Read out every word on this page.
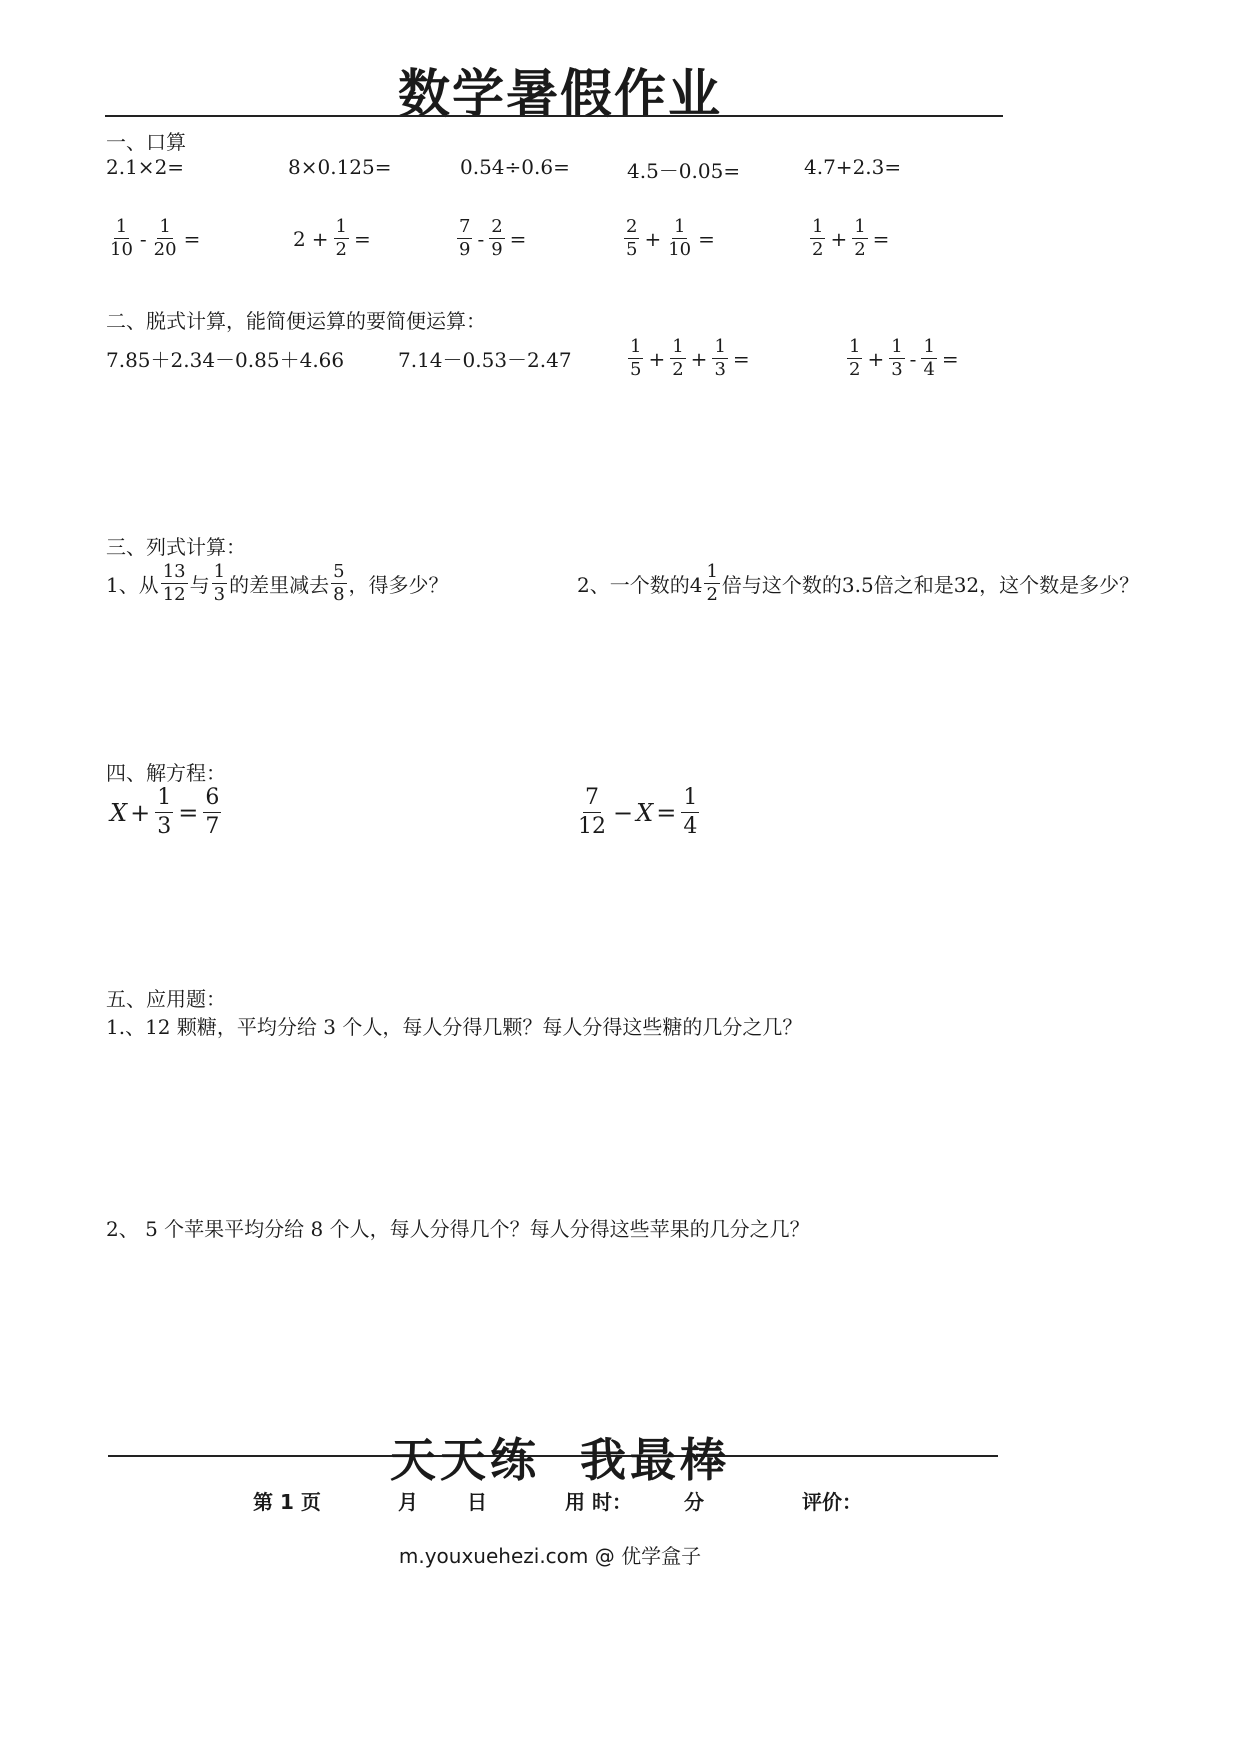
数学暑假作业
一、口算
2.1×2=	8×0.125=	0.54÷0.6=	4.5－0.05=	4.7+2.3=
$\frac{1}{10} - \frac{1}{20}$ =	$2 + \frac{1}{2}$ =	$\frac{7}{9} - \frac{2}{9}$ =	$\frac{2}{5} + \frac{1}{10}$ =	$\frac{1}{2} + \frac{1}{2}$ =
二、脱式计算，能简便运算的要简便运算：
7.85＋2.34－0.85＋4.66	7.14－0.53－2.47	$\frac{1}{5} + \frac{1}{2} + \frac{1}{3}$ =	$\frac{1}{2} + \frac{1}{3} - \frac{1}{4}$ =
三、列式计算：
1、从 $\frac{13}{12}$ 与 $\frac{1}{3}$ 的差里减去 $\frac{5}{8}$ ，得多少？	2、一个数的$4 \frac{1}{2}$ 倍与这个数的3.5倍之和是32，这个数是多少？
四、解方程：
$X + \frac{1}{3} = \frac{6}{7}$	$\frac{7}{12} - X = \frac{1}{4}$
五、应用题：
1.、12 颗糖，平均分给 3 个人，每人分得几颗？每人分得这些糖的几分之几？
2、 5 个苹果平均分给 8 个人，每人分得几个？每人分得这些苹果的几分之几？
天天练 我最棒
第 1 页	月 日	用 时：	分	评价：
m.youxuehezi.com @ 优学盒子
